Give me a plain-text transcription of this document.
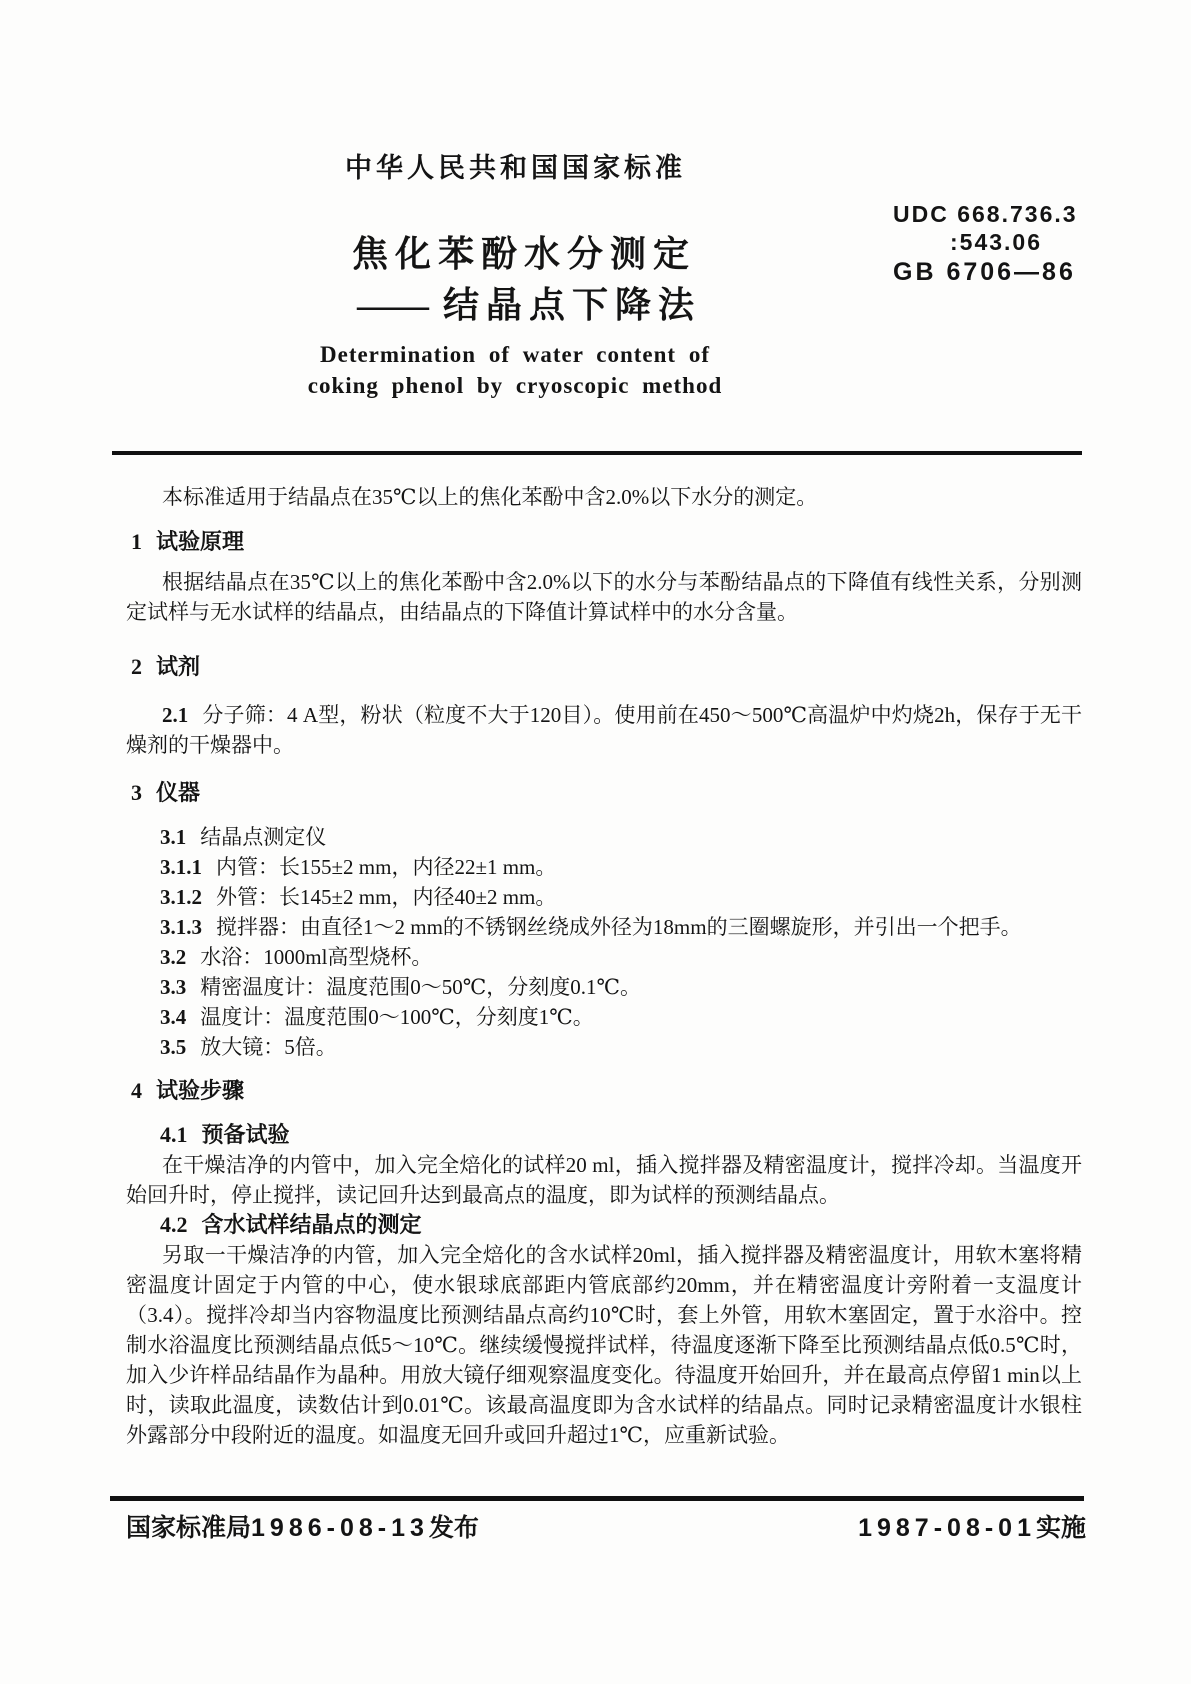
中华人民共和国国家标准
UDC 668.736.3
:543.06
GB 6706—86
焦化苯酚水分测定
—— 结晶点下降法
Determination of water content of
coking phenol by cryoscopic method

本标准适用于结晶点在35℃以上的焦化苯酚中含2.0%以下水分的测定。

1 试验原理

根据结晶点在35℃以上的焦化苯酚中含2.0%以下的水分与苯酚结晶点的下降值有线性关系，分别测定试样与无水试样的结晶点，由结晶点的下降值计算试样中的水分含量。

2 试剂

2.1 分子筛：4 A型，粉状（粒度不大于120目）。使用前在450～500℃高温炉中灼烧2h，保存于无干燥剂的干燥器中。

3 仪器
3.1 结晶点测定仪
3.1.1 内管：长155±2 mm，内径22±1 mm。
3.1.2 外管：长145±2 mm，内径40±2 mm。
3.1.3 搅拌器：由直径1～2 mm的不锈钢丝绕成外径为18mm的三圈螺旋形，并引出一个把手。
3.2 水浴：1000ml高型烧杯。
3.3 精密温度计：温度范围0～50℃，分刻度0.1℃。
3.4 温度计：温度范围0～100℃，分刻度1℃。
3.5 放大镜：5倍。
4 试验步骤
4.1 预备试验

在干燥洁净的内管中，加入完全焙化的试样20 ml，插入搅拌器及精密温度计，搅拌冷却。当温度开始回升时，停止搅拌，读记回升达到最高点的温度，即为试样的预测结晶点。

4.2 含水试样结晶点的测定

另取一干燥洁净的内管，加入完全焙化的含水试样20ml，插入搅拌器及精密温度计，用软木塞将精密温度计固定于内管的中心，使水银球底部距内管底部约20mm，并在精密温度计旁附着一支温度计（3.4）。搅拌冷却当内容物温度比预测结晶点高约10℃时，套上外管，用软木塞固定，置于水浴中。控制水浴温度比预测结晶点低5～10℃。继续缓慢搅拌试样，待温度逐渐下降至比预测结晶点低0.5℃时，加入少许样品结晶作为晶种。用放大镜仔细观察温度变化。待温度开始回升，并在最高点停留1 min以上时，读取此温度，读数估计到0.01℃。该最高温度即为含水试样的结晶点。同时记录精密温度计水银柱外露部分中段附近的温度。如温度无回升或回升超过1℃，应重新试验。

国家标准局1986-08-13发布	1987-08-01实施
